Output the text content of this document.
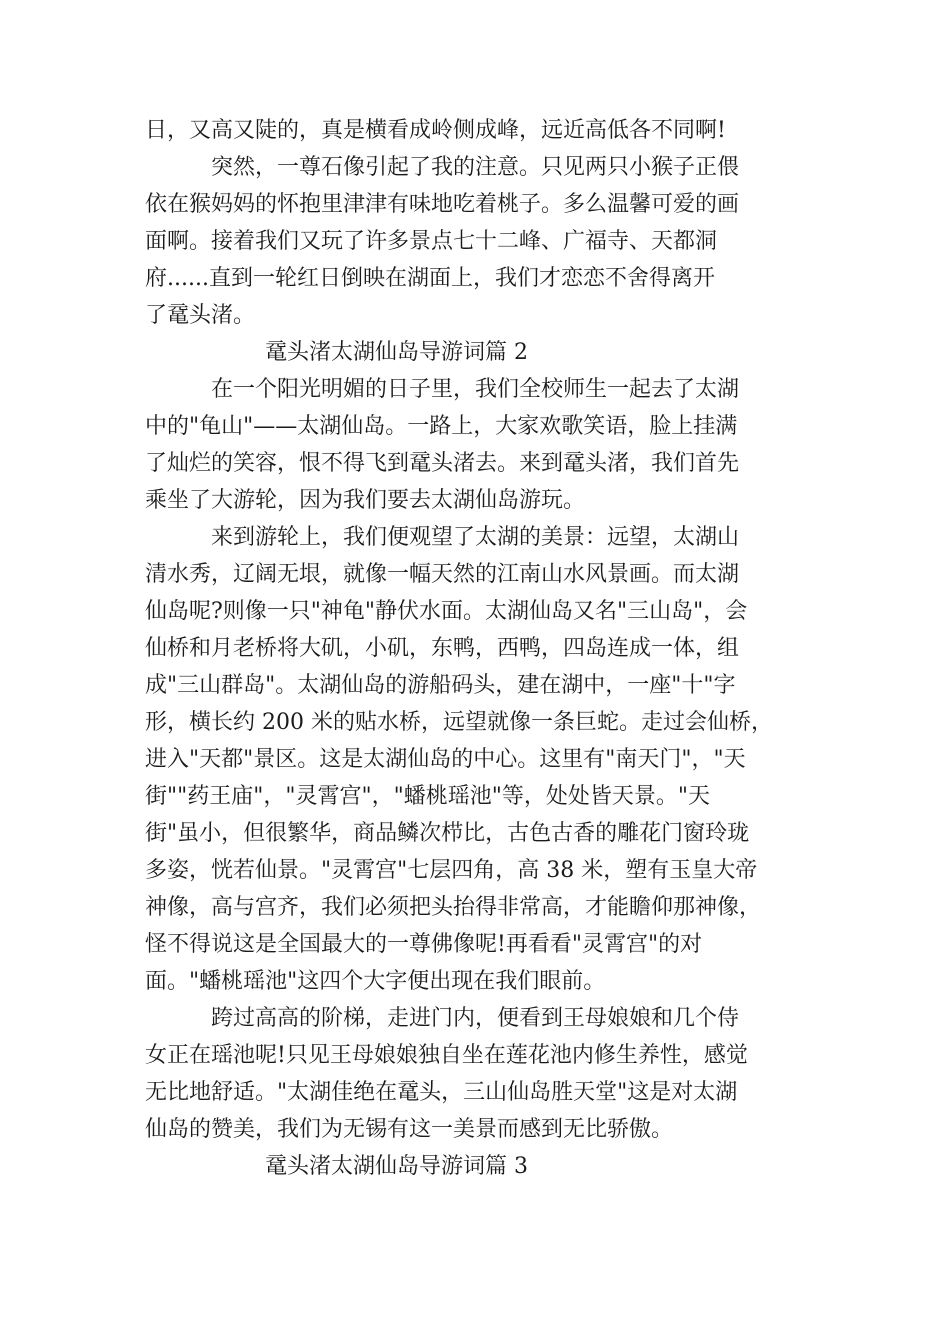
日，又高又陡的，真是横看成岭侧成峰，远近高低各不同啊!
突然，一尊石像引起了我的注意。只见两只小猴子正偎
依在猴妈妈的怀抱里津津有味地吃着桃子。多么温馨可爱的画
面啊。接着我们又玩了许多景点七十二峰、广福寺、天都洞
府......直到一轮红日倒映在湖面上，我们才恋恋不舍得离开
了鼋头渚。
鼋头渚太湖仙岛导游词篇 2
在一个阳光明媚的日子里，我们全校师生一起去了太湖
中的"龟山"——太湖仙岛。一路上，大家欢歌笑语，脸上挂满
了灿烂的笑容，恨不得飞到鼋头渚去。来到鼋头渚，我们首先
乘坐了大游轮，因为我们要去太湖仙岛游玩。
来到游轮上，我们便观望了太湖的美景：远望，太湖山
清水秀，辽阔无垠，就像一幅天然的江南山水风景画。而太湖
仙岛呢?则像一只"神龟"静伏水面。太湖仙岛又名"三山岛"，会
仙桥和月老桥将大矶，小矶，东鸭，西鸭，四岛连成一体，组
成"三山群岛"。太湖仙岛的游船码头，建在湖中，一座"十"字
形，横长约 200 米的贴水桥，远望就像一条巨蛇。走过会仙桥，
进入"天都"景区。这是太湖仙岛的中心。这里有"南天门"，"天
街""药王庙"，"灵霄宫"，"蟠桃瑶池"等，处处皆天景。"天
街"虽小，但很繁华，商品鳞次栉比，古色古香的雕花门窗玲珑
多姿，恍若仙景。"灵霄宫"七层四角，高 38 米，塑有玉皇大帝
神像，高与宫齐，我们必须把头抬得非常高，才能瞻仰那神像，
怪不得说这是全国最大的一尊佛像呢!再看看"灵霄宫"的对
面。"蟠桃瑶池"这四个大字便出现在我们眼前。
跨过高高的阶梯，走进门内，便看到王母娘娘和几个侍
女正在瑶池呢!只见王母娘娘独自坐在莲花池内修生养性，感觉
无比地舒适。"太湖佳绝在鼋头，三山仙岛胜天堂"这是对太湖
仙岛的赞美，我们为无锡有这一美景而感到无比骄傲。
鼋头渚太湖仙岛导游词篇 3
